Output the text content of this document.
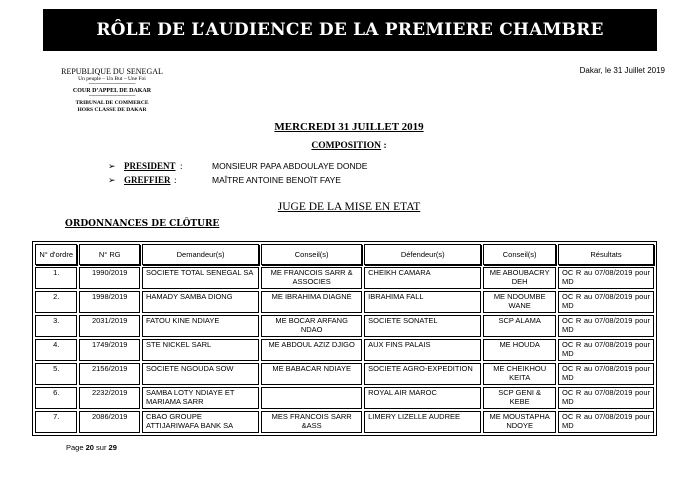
RÔLE DE L’AUDIENCE DE LA PREMIERE CHAMBRE
REPUBLIQUE DU SENEGAL
Un peuple – Un But – Une Foi
----------------------------------
COUR D’APPEL DE DAKAR
----------------------------------
TRIBUNAL DE COMMERCE
HORS CLASSE DE DAKAR
Dakar, le 31 Juillet 2019
MERCREDI 31 JUILLET 2019
COMPOSITION :
➢ PRESIDENT :	MONSIEUR PAPA ABDOULAYE DONDE
➢ GREFFIER :	MAÎTRE ANTOINE BENOÏT FAYE
JUGE DE LA MISE EN ETAT
ORDONNANCES DE CLÔTURE
N° d'ordre	N° RG	Demandeur(s)	Conseil(s)	Défendeur(s)	Conseil(s)	Résultats
1.	1990/2019	SOCIETE TOTAL SENEGAL SA	ME FRANCOIS SARR & ASSOCIES	CHEIKH CAMARA	ME ABOUBACRY DEH	OC R au 07/08/2019 pour MD
2.	1998/2019	HAMADY SAMBA DIONG	ME IBRAHIMA DIAGNE	IBRAHIMA FALL	ME NDOUMBE WANE	OC R au 07/08/2019 pour MD
3.	2031/2019	FATOU KINE NDIAYE	ME BOCAR ARFANG NDAO	SOCIETE SONATEL	SCP ALAMA	OC R au 07/08/2019 pour MD
4.	1749/2019	STE NICKEL SARL	ME ABDOUL AZIZ DJIGO	AUX FINS PALAIS	ME HOUDA	OC R au 07/08/2019 pour MD
5.	2156/2019	SOCIETE NGOUDA SOW	ME BABACAR NDIAYE	SOCIETE AGRO-EXPEDITION	ME CHEIKHOU KEITA	OC R au 07/08/2019 pour MD
6.	2232/2019	SAMBA LOTY NDIAYE ET MARIAMA SARR		ROYAL AIR MAROC	SCP GENI & KEBE	OC R au 07/08/2019 pour MD
7.	2086/2019	CBAO GROUPE ATTIJARIWAFA BANK SA	MES FRANCOIS SARR &ASS	LIMERY LIZELLE AUDREE	ME MOUSTAPHA NDOYE	OC R au 07/08/2019 pour MD
Page 20 sur 29
